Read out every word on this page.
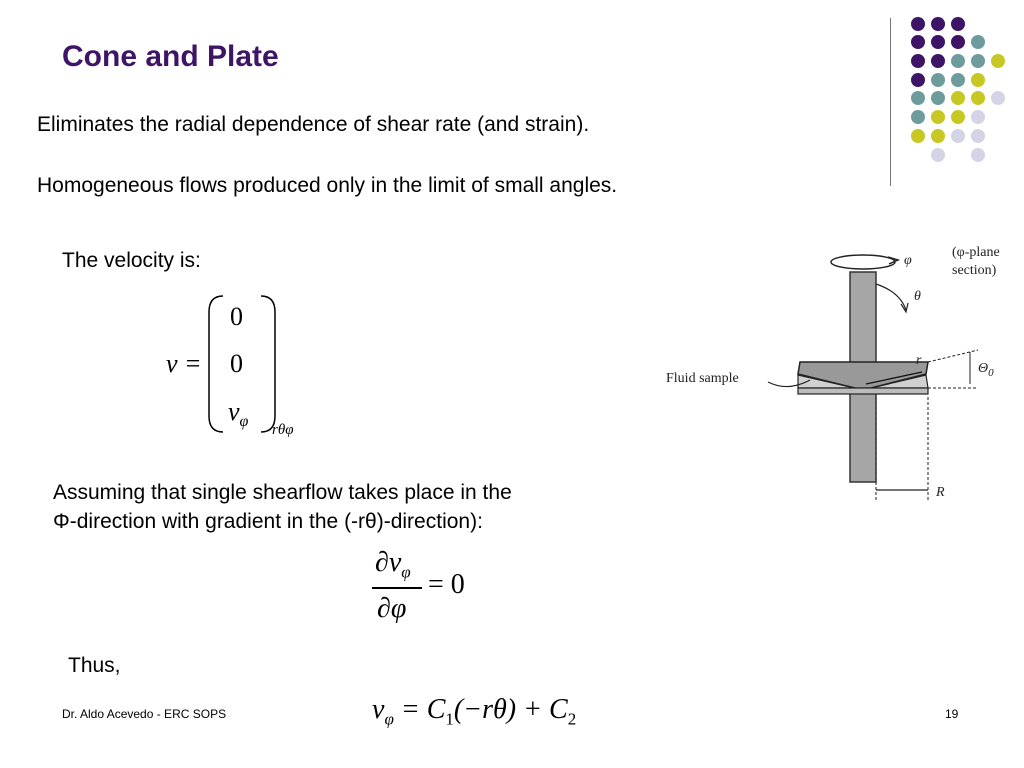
Cone and Plate
Eliminates the radial dependence of shear rate (and strain).
Homogeneous flows produced only in the limit of small angles.
The velocity is:
v =
0
0
$v_\varphi$ rθφ
Assuming that single shearflow takes place in the
Φ-direction with gradient in the (-rθ)-direction):
$\partial v_\varphi$
∂φ
= 0
Thus,
$v_\varphi = C_1(-r\theta) + C_2$
φ
θ
(φ-plane
section)
Fluid sample
r
$\Theta_0$
R
Dr. Aldo Acevedo - ERC SOPS	19
